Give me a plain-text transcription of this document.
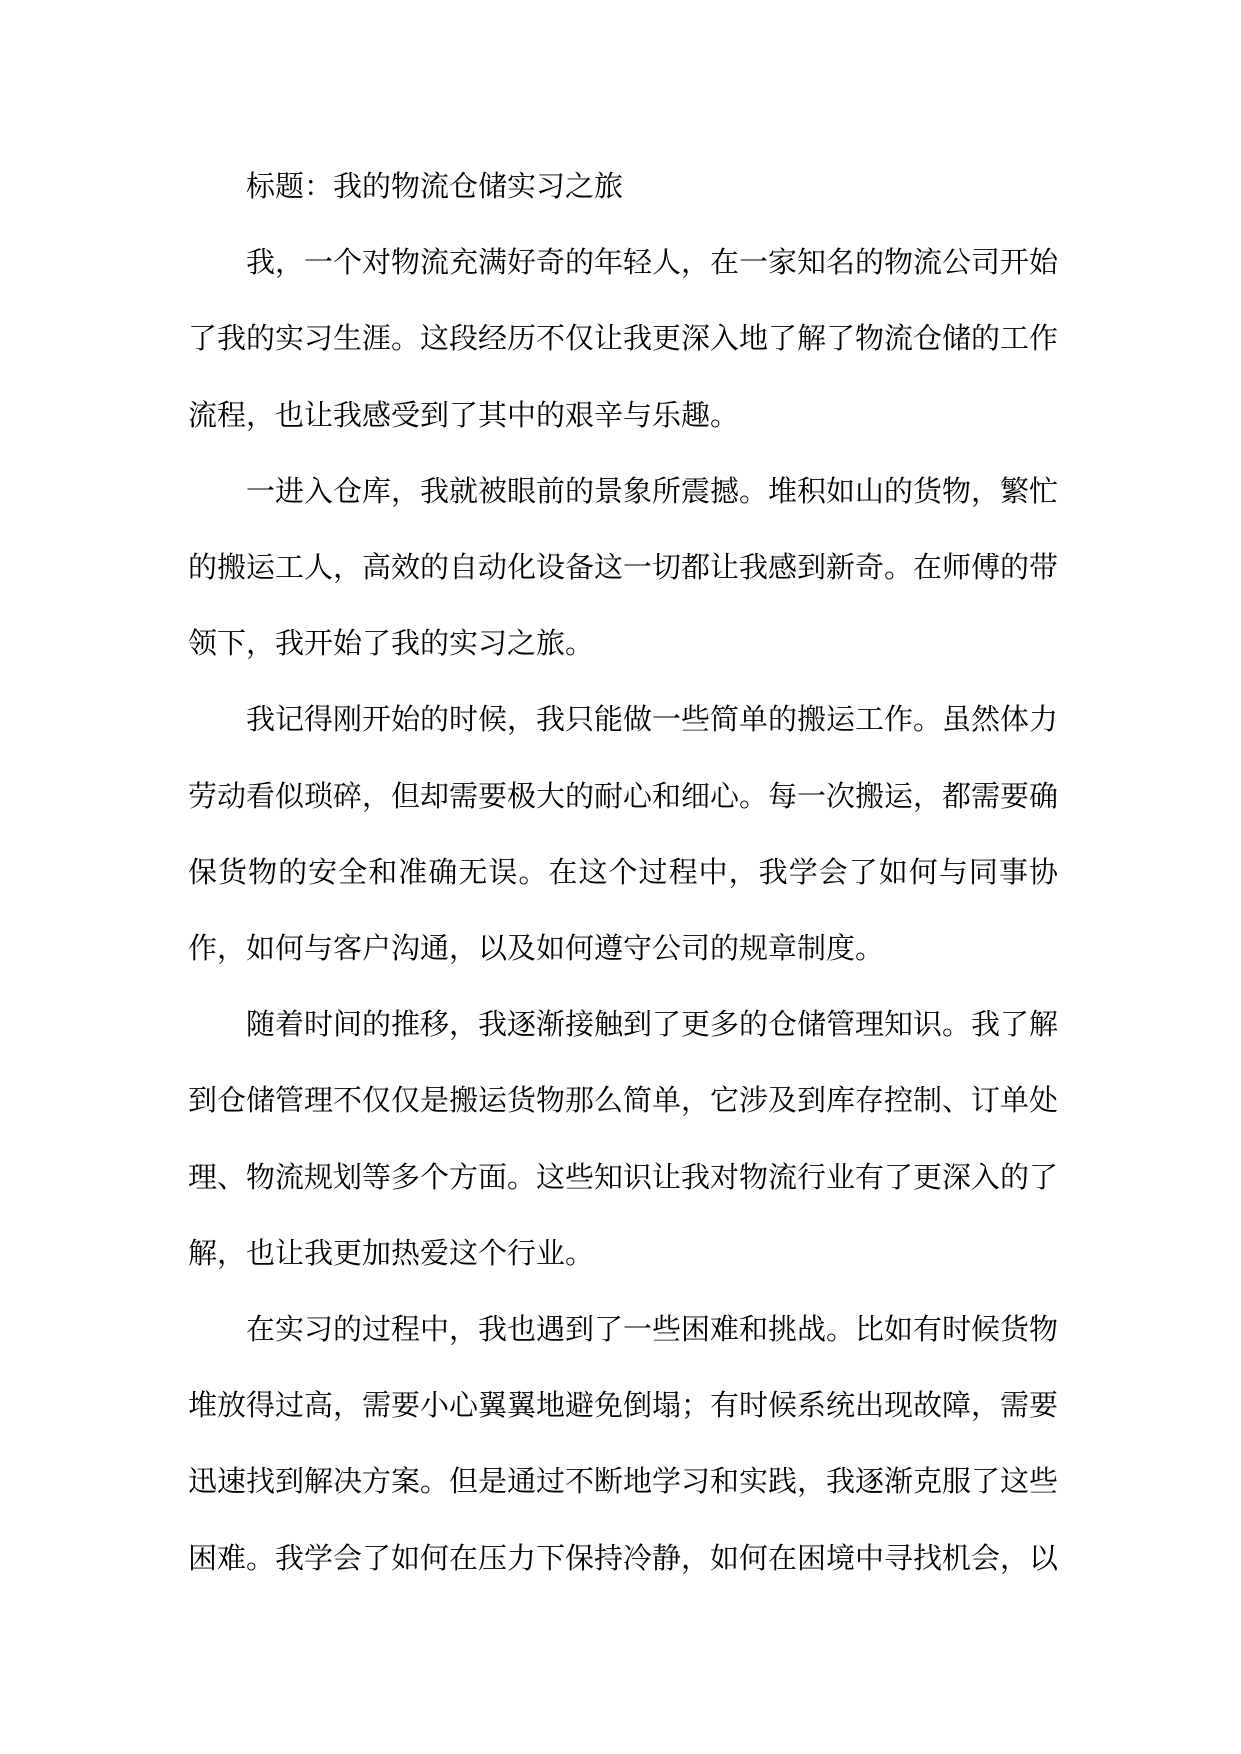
标题：我的物流仓储实习之旅

我，一个对物流充满好奇的年轻人，在一家知名的物流公司开始了我的实习生涯。这段经历不仅让我更深入地了解了物流仓储的工作流程，也让我感受到了其中的艰辛与乐趣。

一进入仓库，我就被眼前的景象所震撼。堆积如山的货物，繁忙的搬运工人，高效的自动化设备这一切都让我感到新奇。在师傅的带领下，我开始了我的实习之旅。

我记得刚开始的时候，我只能做一些简单的搬运工作。虽然体力劳动看似琐碎，但却需要极大的耐心和细心。每一次搬运，都需要确保货物的安全和准确无误。在这个过程中，我学会了如何与同事协作，如何与客户沟通，以及如何遵守公司的规章制度。

随着时间的推移，我逐渐接触到了更多的仓储管理知识。我了解到仓储管理不仅仅是搬运货物那么简单，它涉及到库存控制、订单处理、物流规划等多个方面。这些知识让我对物流行业有了更深入的了解，也让我更加热爱这个行业。

在实习的过程中，我也遇到了一些困难和挑战。比如有时候货物堆放得过高，需要小心翼翼地避免倒塌；有时候系统出现故障，需要迅速找到解决方案。但是通过不断地学习和实践，我逐渐克服了这些困难。我学会了如何在压力下保持冷静，如何在困境中寻找机会，以
